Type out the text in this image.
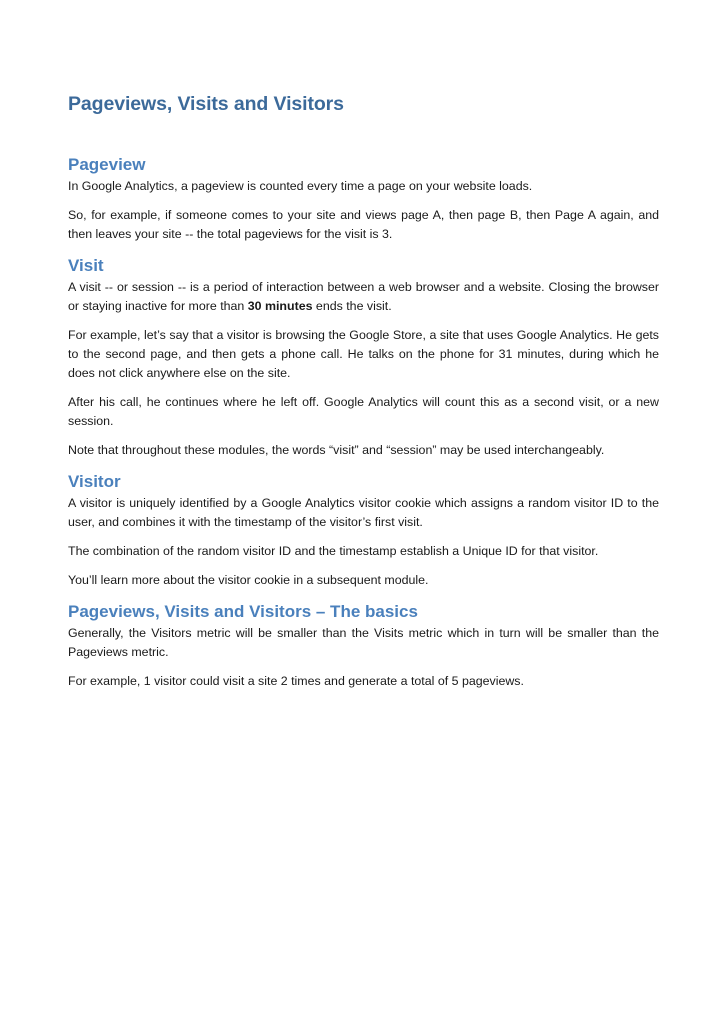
Pageviews, Visits and Visitors
Pageview

In Google Analytics, a pageview is counted every time a page on your website loads.

So, for example, if someone comes to your site and views page A, then page B, then Page A again, and then leaves your site -- the total pageviews for the visit is 3.

Visit

A visit -- or session -- is a period of interaction between a web browser and a website. Closing the browser or staying inactive for more than 30 minutes ends the visit.

For example, let’s say that a visitor is browsing the Google Store, a site that uses Google Analytics. He gets to the second page, and then gets a phone call. He talks on the phone for 31 minutes, during which he does not click anywhere else on the site.

After his call, he continues where he left off. Google Analytics will count this as a second visit, or a new session.

Note that throughout these modules, the words “visit” and “session” may be used interchangeably.

Visitor

A visitor is uniquely identified by a Google Analytics visitor cookie which assigns a random visitor ID to the user, and combines it with the timestamp of the visitor’s first visit.

The combination of the random visitor ID and the timestamp establish a Unique ID for that visitor.

You’ll learn more about the visitor cookie in a subsequent module.

Pageviews, Visits and Visitors – The basics

Generally, the Visitors metric will be smaller than the Visits metric which in turn will be smaller than the Pageviews metric.

For example, 1 visitor could visit a site 2 times and generate a total of 5 pageviews.
